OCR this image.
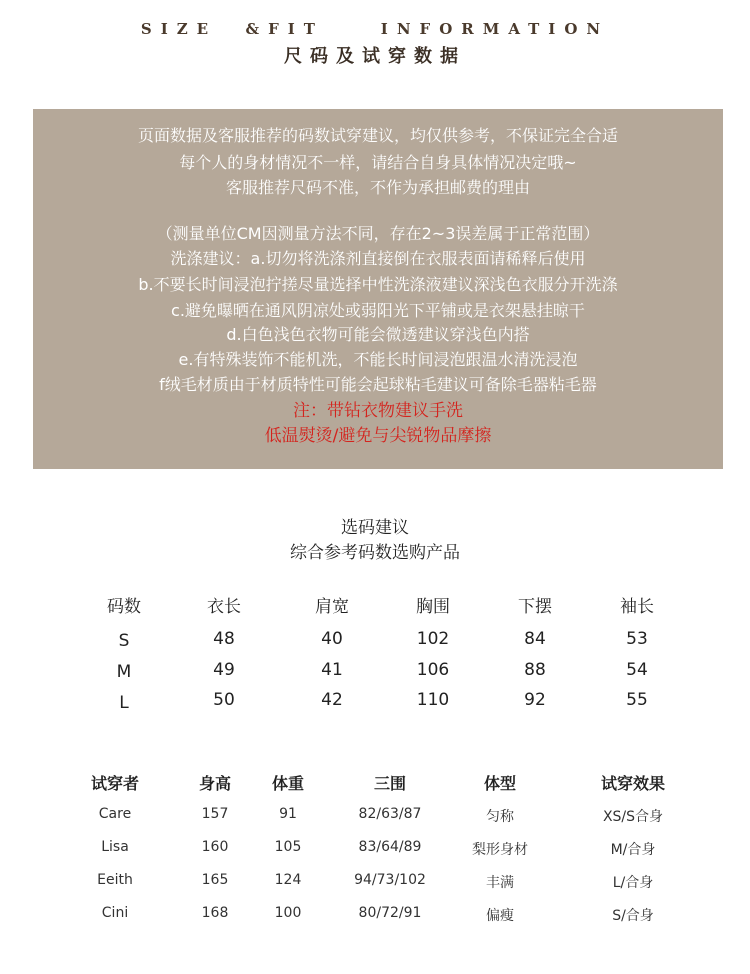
SIZE  &FIT    INFORMATION
尺码及试穿数据
页面数据及客服推荐的码数试穿建议，均仅供参考，不保证完全合适
每个人的身材情况不一样，请结合自身具体情况决定哦~
客服推荐尺码不准，不作为承担邮费的理由
（测量单位CM因测量方法不同，存在2~3误差属于正常范围）
洗涤建议：a.切勿将洗涤剂直接倒在衣服表面请稀释后使用
b.不要长时间浸泡拧搓尽量选择中性洗涤液建议深浅色衣服分开洗涤
c.避免曝晒在通风阴凉处或弱阳光下平铺或是衣架悬挂晾干
d.白色浅色衣物可能会微透建议穿浅色内搭
e.有特殊装饰不能机洗，不能长时间浸泡跟温水清洗浸泡
f绒毛材质由于材质特性可能会起球粘毛建议可备除毛器粘毛器
注：带钻衣物建议手洗
低温熨烫/避免与尖锐物品摩擦
选码建议
综合参考码数选购产品
码数	衣长	肩宽	胸围	下摆	袖长
S	48	40	102	84	53
M	49	41	106	88	54
L	50	42	110	92	55
试穿者	身高	体重	三围	体型	试穿效果
Care	157	91	82/63/87	匀称	XS/S合身
Lisa	160	105	83/64/89	梨形身材	M/合身
Eeith	165	124	94/73/102	丰满	L/合身
Cini	168	100	80/72/91	偏瘦	S/合身
